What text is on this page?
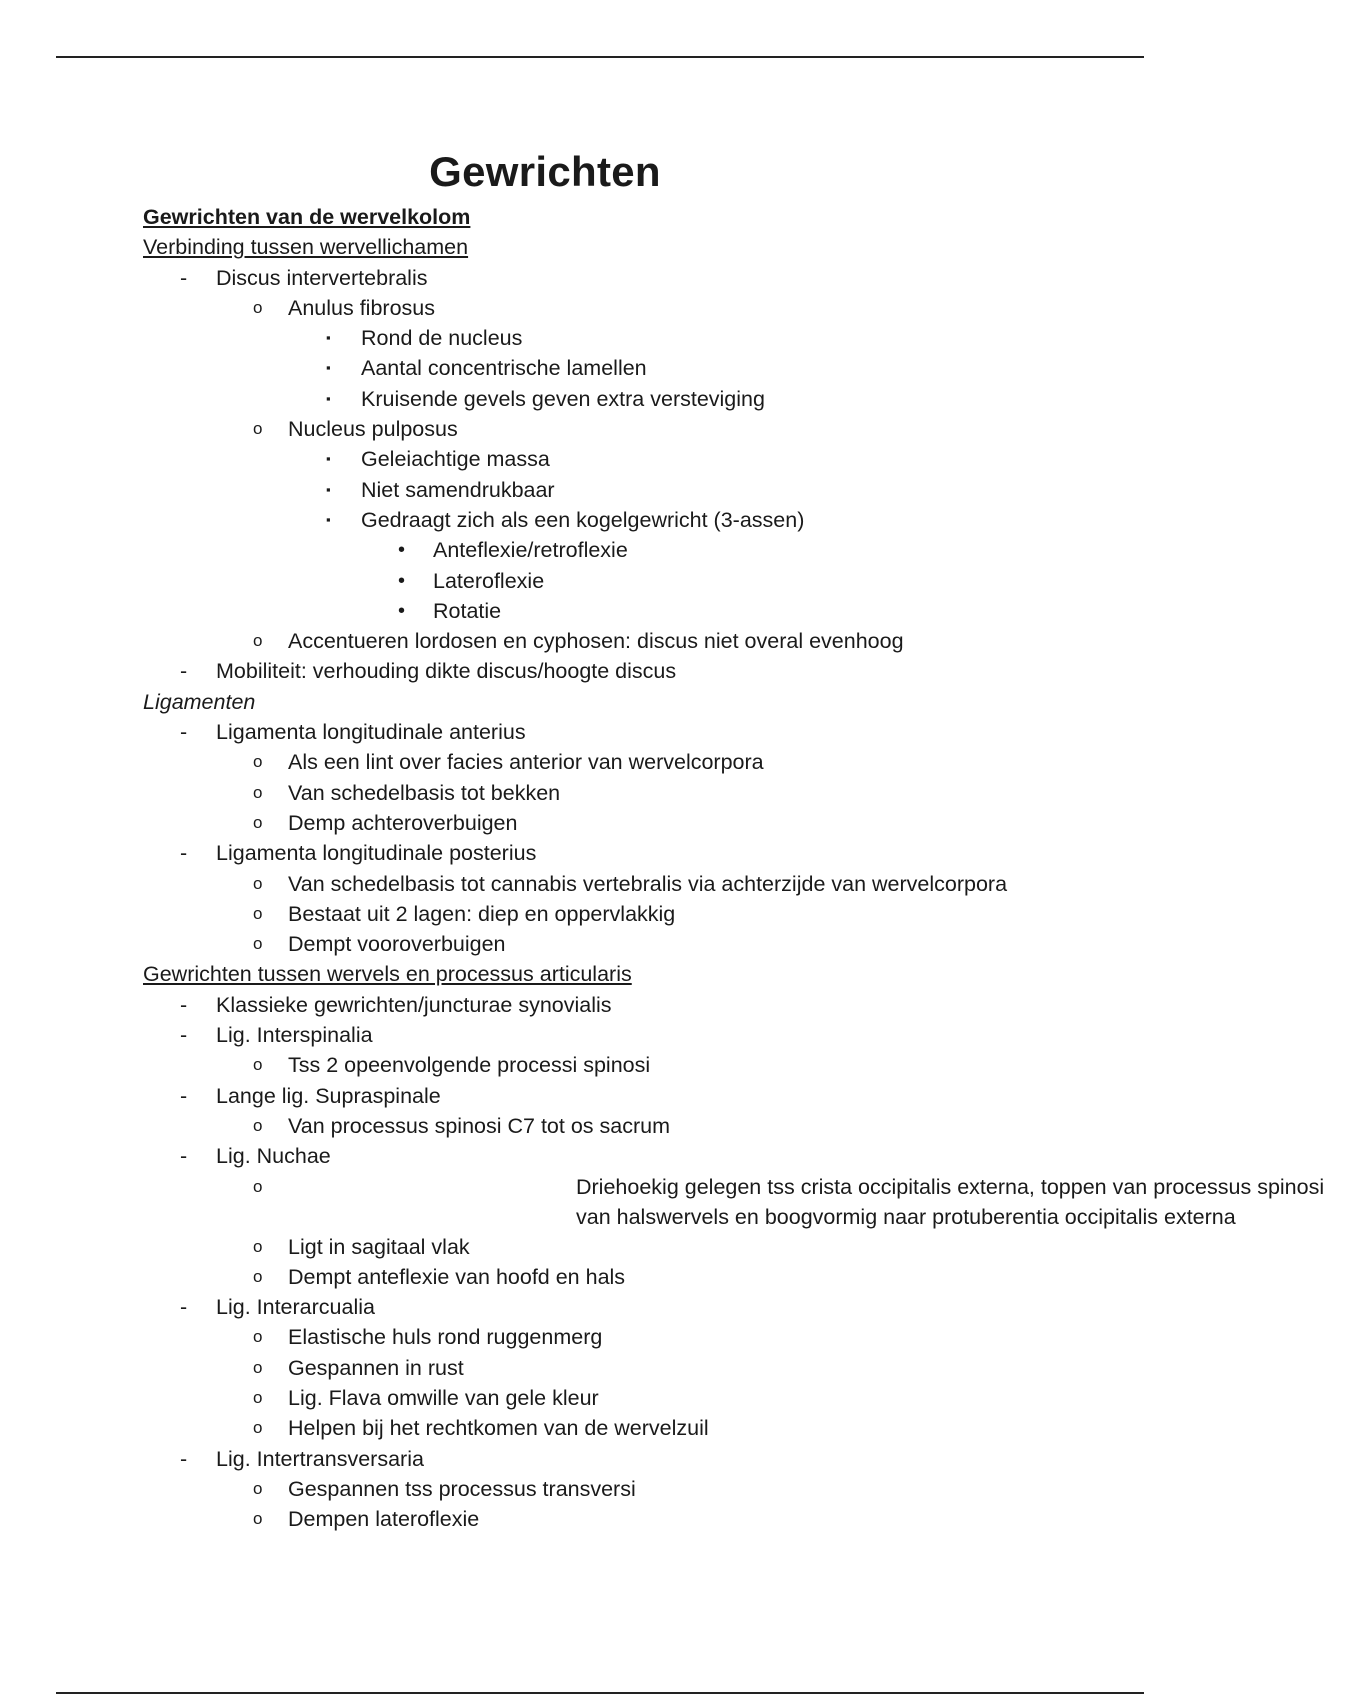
Gewrichten
Gewrichten van de wervelkolom
Verbinding tussen wervellichamen
- Discus intervertebralis
o Anulus fibrosus
▪ Rond de nucleus
▪ Aantal concentrische lamellen
▪ Kruisende gevels geven extra versteviging
o Nucleus pulposus
▪ Geleiachtige massa
▪ Niet samendrukbaar
▪ Gedraagt zich als een kogelgewricht (3-assen)
• Anteflexie/retroflexie
• Lateroflexie
• Rotatie
o Accentueren lordosen en cyphosen: discus niet overal evenhoog
- Mobiliteit: verhouding dikte discus/hoogte discus
Ligamenten
- Ligamenta longitudinale anterius
o Als een lint over facies anterior van wervelcorpora
o Van schedelbasis tot bekken
o Demp achteroverbuigen
- Ligamenta longitudinale posterius
o Van schedelbasis tot cannabis vertebralis via achterzijde van wervelcorpora
o Bestaat uit 2 lagen: diep en oppervlakkig
o Dempt vooroverbuigen
Gewrichten tussen wervels en processus articularis
- Klassieke gewrichten/juncturae synovialis
- Lig. Interspinalia
o Tss 2 opeenvolgende processi spinosi
- Lange lig. Supraspinale
o Van processus spinosi C7 tot os sacrum
- Lig. Nuchae
o	Driehoekig gelegen tss crista occipitalis externa, toppen van processus spinosi van halswervels en boogvormig naar protuberentia occipitalis externa
o Ligt in sagitaal vlak
o Dempt anteflexie van hoofd en hals
- Lig. Interarcualia
o Elastische huls rond ruggenmerg
o Gespannen in rust
o Lig. Flava omwille van gele kleur
o Helpen bij het rechtkomen van de wervelzuil
- Lig. Intertransversaria
o Gespannen tss processus transversi
o Dempen lateroflexie
